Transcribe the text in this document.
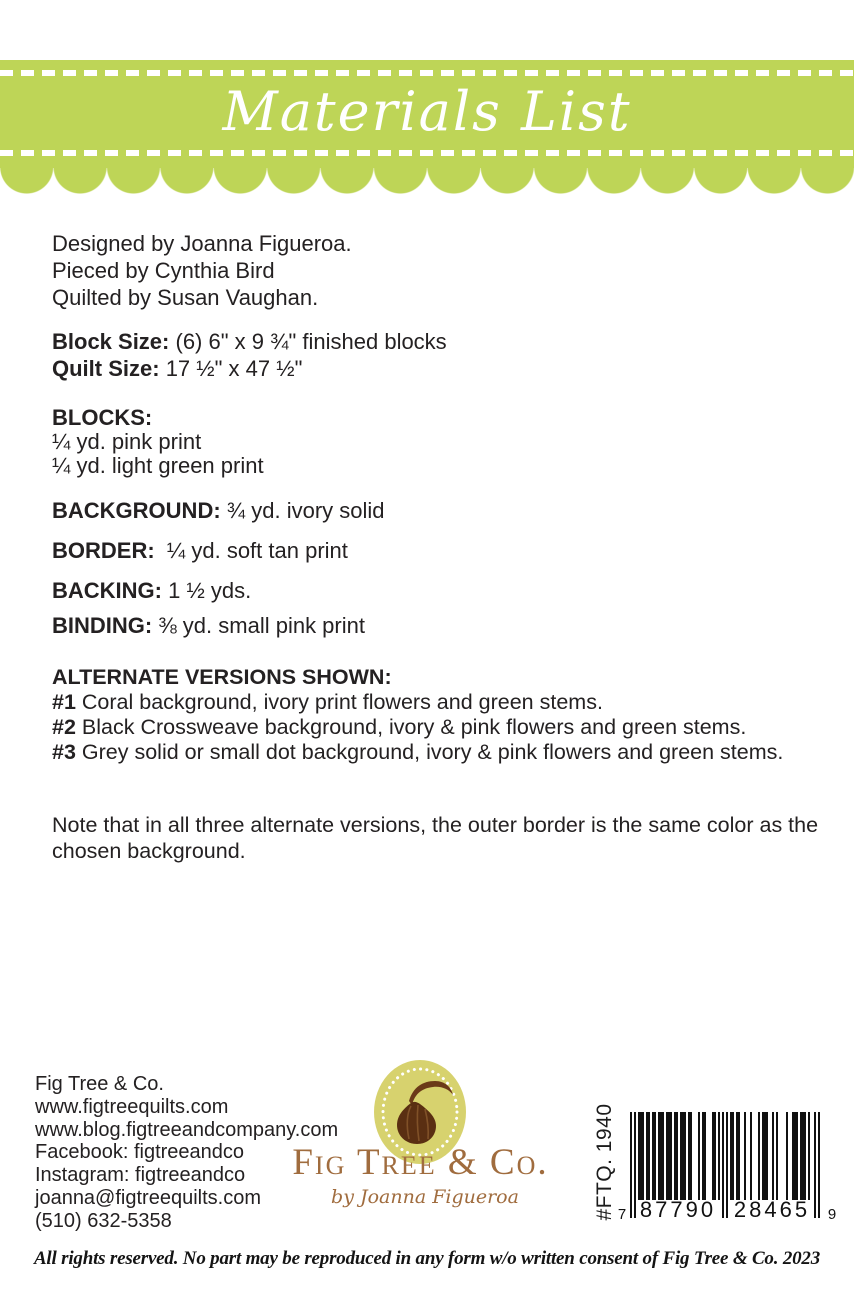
Materials List
Designed by Joanna Figueroa.
Pieced by Cynthia Bird
Quilted by Susan Vaughan.
Block Size: (6) 6" x 9 ¾" finished blocks
Quilt Size: 17 ½" x 47 ½"
BLOCKS:
¼ yd. pink print
¼ yd. light green print
BACKGROUND: ¾ yd. ivory solid
BORDER: ¼ yd. soft tan print
BACKING: 1 ½ yds.
BINDING: ⅜ yd. small pink print
ALTERNATE VERSIONS SHOWN:
#1 Coral background, ivory print flowers and green stems.
#2 Black Crossweave background, ivory & pink flowers and green stems.
#3 Grey solid or small dot background, ivory & pink flowers and green stems.
Note that in all three alternate versions, the outer border is the same color as the chosen background.
Fig Tree & Co.
www.figtreequilts.com
www.blog.figtreeandcompany.com
Facebook: figtreeandco
Instagram: figtreeandco
joanna@figtreequilts.com
(510) 632-5358
Fig Tree & Co.
by Joanna Figueroa	#FTQ. 1940 7 87790 28465 9
All rights reserved. No part may be reproduced in any form w/o written consent of Fig Tree & Co. 2023
